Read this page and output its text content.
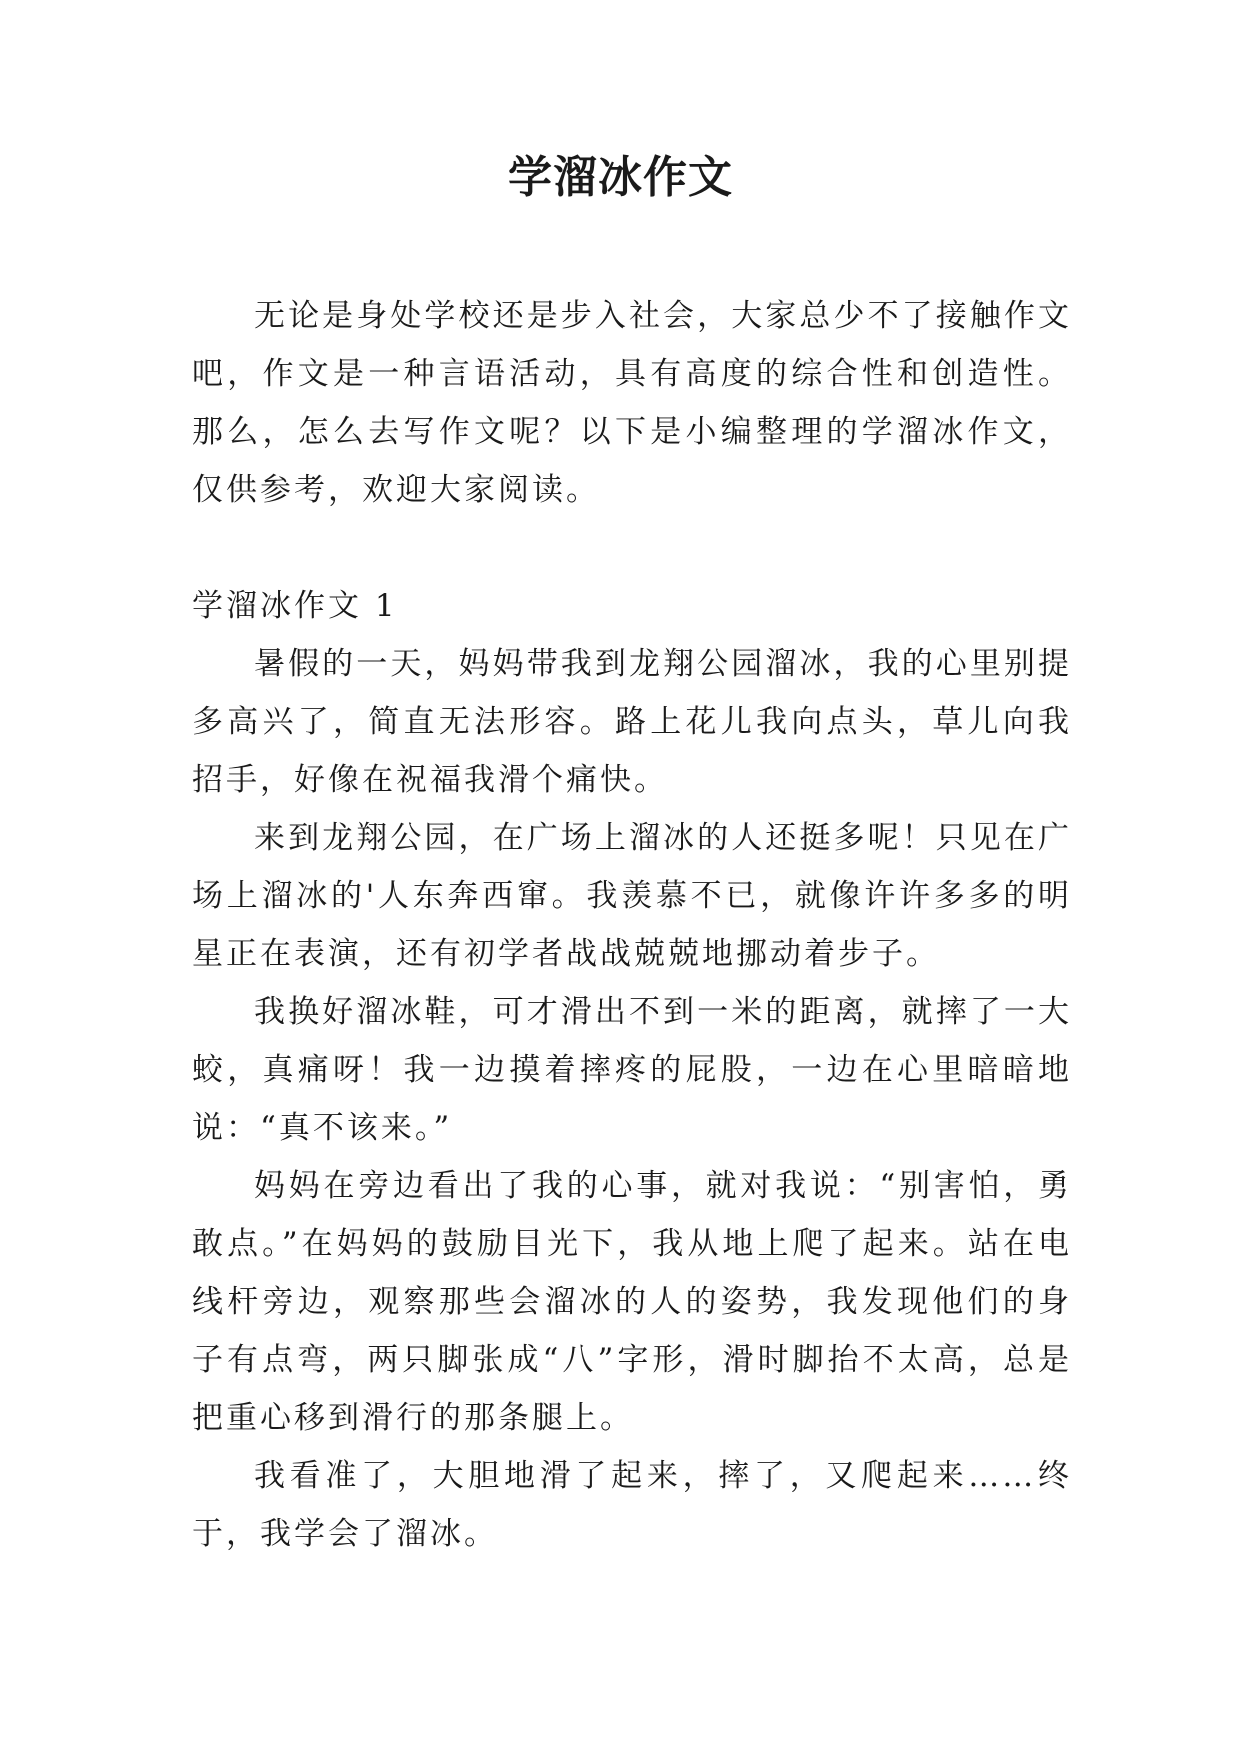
学溜冰作文

无论是身处学校还是步入社会，大家总少不了接触作文吧，作文是一种言语活动，具有高度的综合性和创造性。那么，怎么去写作文呢？以下是小编整理的学溜冰作文，仅供参考，欢迎大家阅读。

学溜冰作文 1

暑假的一天，妈妈带我到龙翔公园溜冰，我的心里别提多高兴了，简直无法形容。路上花儿我向点头，草儿向我招手，好像在祝福我滑个痛快。

来到龙翔公园，在广场上溜冰的人还挺多呢！只见在广场上溜冰的'人东奔西窜。我羡慕不已，就像许许多多的明星正在表演，还有初学者战战兢兢地挪动着步子。

我换好溜冰鞋，可才滑出不到一米的距离，就摔了一大蛟，真痛呀！我一边摸着摔疼的屁股，一边在心里暗暗地说：“真不该来。”

妈妈在旁边看出了我的心事，就对我说：“别害怕，勇敢点。”在妈妈的鼓励目光下，我从地上爬了起来。站在电线杆旁边，观察那些会溜冰的人的姿势，我发现他们的身子有点弯，两只脚张成“八”字形，滑时脚抬不太高，总是把重心移到滑行的那条腿上。

我看准了，大胆地滑了起来，摔了，又爬起来……终于，我学会了溜冰。
